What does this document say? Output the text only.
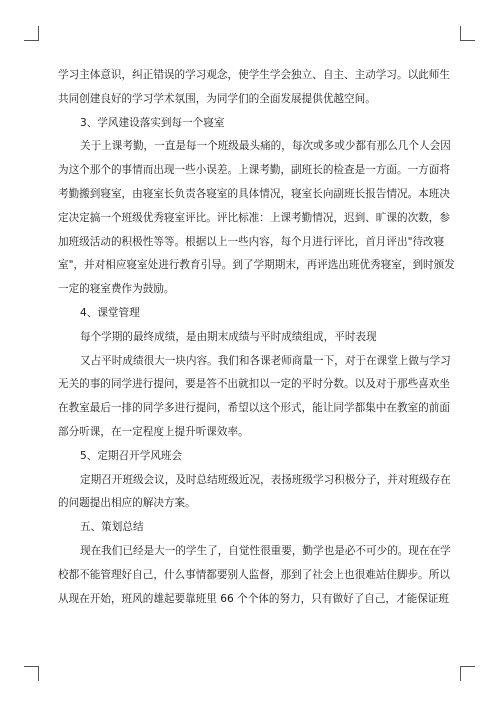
学习主体意识，纠正错误的学习观念，使学生学会独立、自主、主动学习。以此师生
共同创建良好的学习学术氛围，为同学们的全面发展提供优越空间。
3、学风建设落实到每一个寝室
关于上课考勤，一直是每一个班级最头痛的，每次或多或少都有那么几个人会因
为这个那个的事情而出现一些小误差。上课考勤，副班长的检查是一方面。一方面将
考勤搬到寝室，由寝室长负责各寝室的具体情况，寝室长向副班长报告情况。本班决
定决定搞一个班级优秀寝室评比。评比标准：上课考勤情况，迟到、旷课的次数，参
加班级活动的积极性等等。根据以上一些内容，每个月进行评比，首月评出"待改寝
室"，并对相应寝室处进行教育引导。到了学期期末，再评选出班优秀寝室，到时颁发
一定的寝室费作为鼓励。
4、课堂管理
每个学期的最终成绩，是由期末成绩与平时成绩组成，平时表现
又占平时成绩很大一块内容。我们和各课老师商量一下，对于在课堂上做与学习
无关的事的同学进行提问，要是答不出就扣以一定的平时分数。以及对于那些喜欢坐
在教室最后一排的同学多进行提问，希望以这个形式，能让同学都集中在教室的前面
部分听课，在一定程度上提升听课效率。
5、定期召开学风班会
定期召开班级会议，及时总结班级近况，表扬班级学习积极分子，并对班级存在
的问题提出相应的解决方案。
五、策划总结
现在我们已经是大一的学生了，自觉性很重要，勤学也是必不可少的。现在在学
校都不能管理好自己，什么事情都要别人监督，那到了社会上也很难站住脚步。所以
从现在开始，班风的雄起要靠班里 66 个个体的努力，只有做好了自己，才能保证班
